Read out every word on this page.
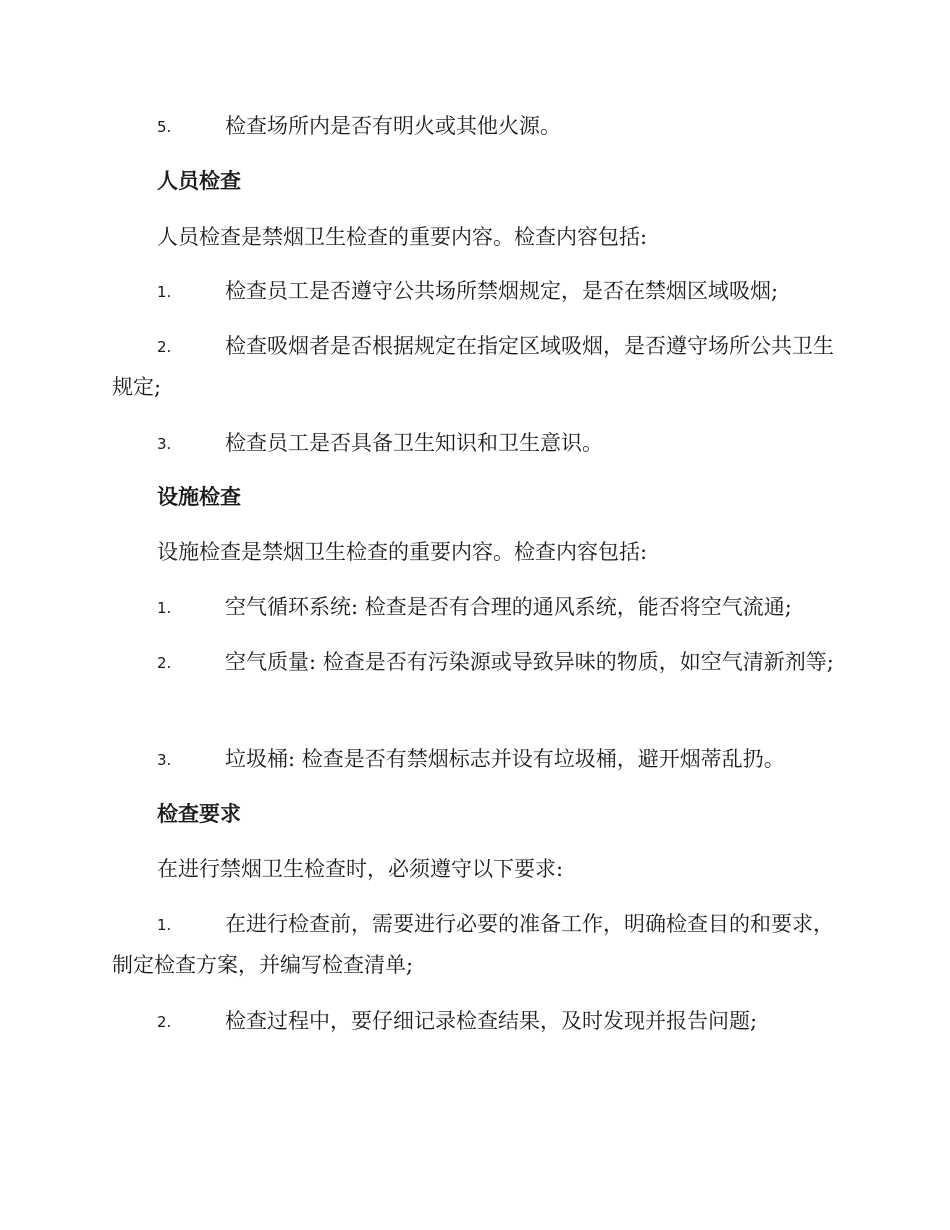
5.	检查场所内是否有明火或其他火源。

人员检查

人员检查是禁烟卫生检查的重要内容。检查内容包括:

1.	检查员工是否遵守公共场所禁烟规定，是否在禁烟区域吸烟;

2.	检查吸烟者是否根据规定在指定区域吸烟，是否遵守场所公共卫生规定;

3.	检查员工是否具备卫生知识和卫生意识。

设施检查

设施检查是禁烟卫生检查的重要内容。检查内容包括:

1.	空气循环系统: 检查是否有合理的通风系统，能否将空气流通;

2.	空气质量: 检查是否有污染源或导致异味的物质，如空气清新剂等;

3.	垃圾桶: 检查是否有禁烟标志并设有垃圾桶，避开烟蒂乱扔。

检查要求

在进行禁烟卫生检查时，必须遵守以下要求:

1.	在进行检查前，需要进行必要的准备工作，明确检查目的和要求，制定检查方案，并编写检查清单;

2.	检查过程中，要仔细记录检查结果，及时发现并报告问题;
